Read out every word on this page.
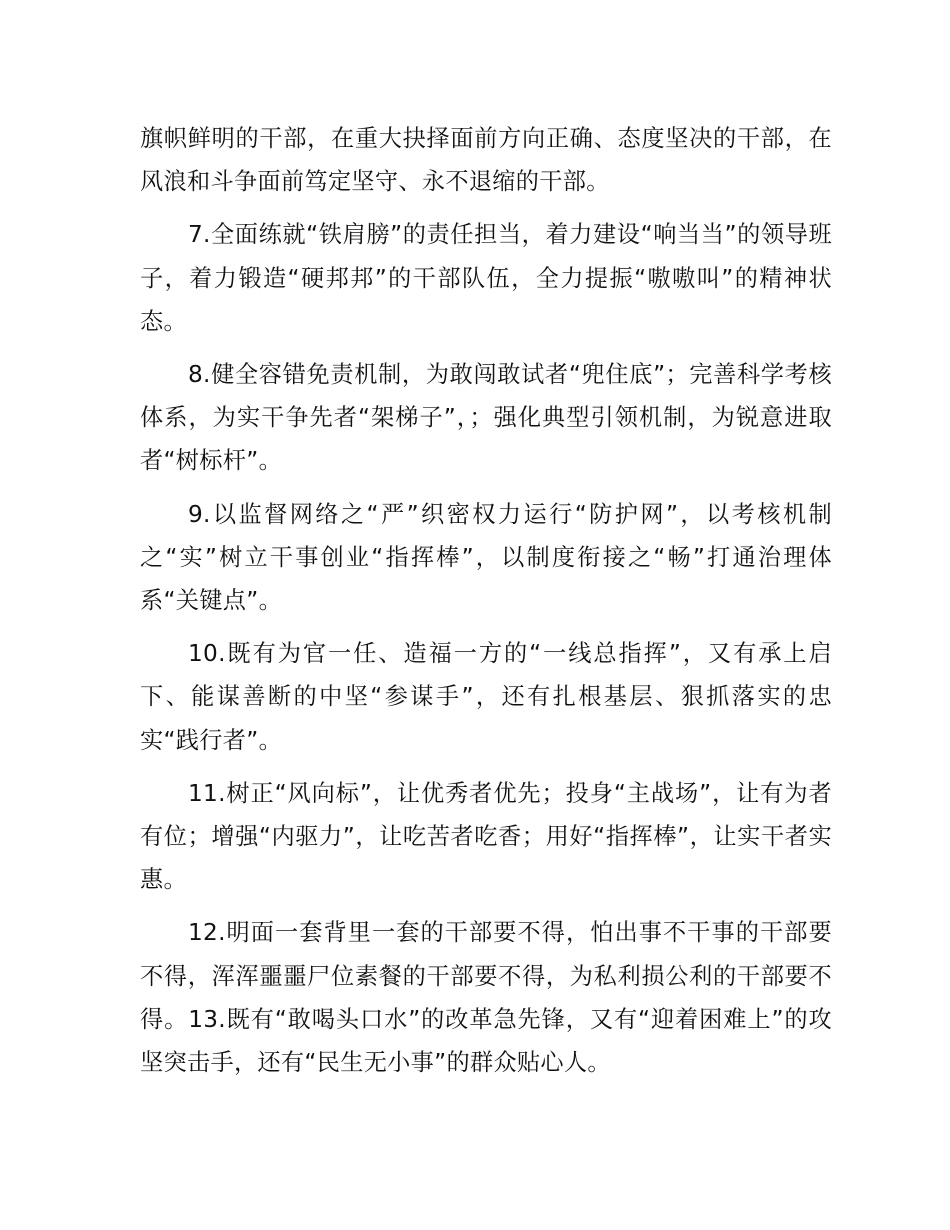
旗帜鲜明的干部，在重大抉择面前方向正确、态度坚决的干部，在风浪和斗争面前笃定坚守、永不退缩的干部。

7.全面练就“铁肩膀”的责任担当，着力建设“响当当”的领导班子，着力锻造“硬邦邦”的干部队伍，全力提振“嗷嗷叫”的精神状态。

8.健全容错免责机制，为敢闯敢试者“兜住底”；完善科学考核体系，为实干争先者“架梯子”，；强化典型引领机制，为锐意进取者“树标杆”。

9.以监督网络之“严”织密权力运行“防护网”，以考核机制之“实”树立干事创业“指挥棒”，以制度衔接之“畅”打通治理体系“关键点”。

10.既有为官一任、造福一方的“一线总指挥”，又有承上启下、能谋善断的中坚“参谋手”，还有扎根基层、狠抓落实的忠实“践行者”。

11.树正“风向标”，让优秀者优先；投身“主战场”，让有为者有位；增强“内驱力”，让吃苦者吃香；用好“指挥棒”，让实干者实惠。

12.明面一套背里一套的干部要不得，怕出事不干事的干部要不得，浑浑噩噩尸位素餐的干部要不得，为私利损公利的干部要不得。13.既有“敢喝头口水”的改革急先锋，又有“迎着困难上”的攻坚突击手，还有“民生无小事”的群众贴心人。
